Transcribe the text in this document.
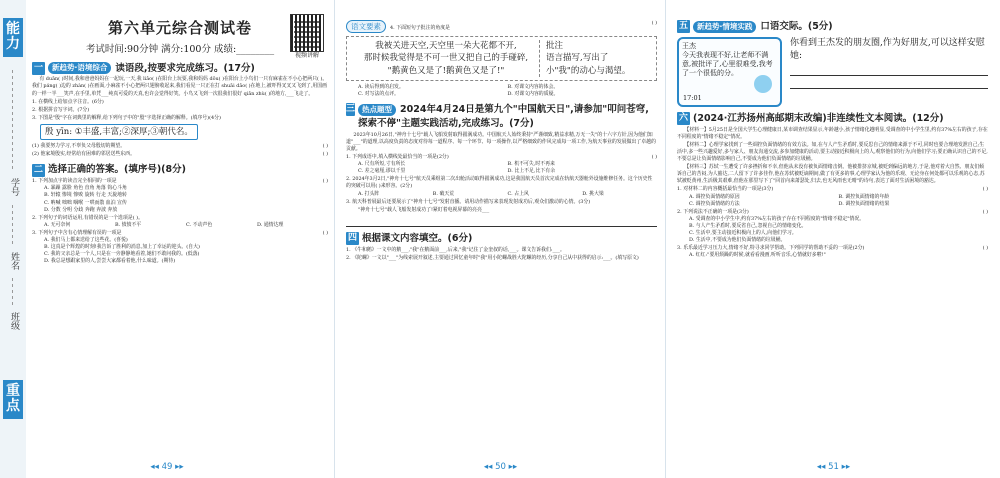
能力
学号
姓名
班级
重点
第六单元综合测试卷
考试时间:90分钟 满分:100分 成绩:________
视频讲解
一	新趋势·语境综合 读语段,按要求完成练习。(17分)
有 duān( )时间,我和爸爸妈妈在一起玩,一天,我 liǎo( )在阳台上玩耍,我和妈妈 dōu( )在阳台上小鸟们一只有麻雀在不小心把两只( )。我们 páng( )边的 zhàn( )在画面,小麻雀不小心把两只翅膀收起来,我们看见一只正在打 shuāi dǎo( )在地上,被吓得叉叉又飞到了,用国画的一样一半___笑声,在手里,单凭___纯真可爱的天真,也许会觉得好笑。小鸟又飞到一次很我们很好 qiān zhù( )的地方,___飞走了。
1. 在横线上给加点字注音。(6分)
2. 根据拼音写字词。(7分)
3. 下图是"殷"字在词典里的解释,给下列句子中的"殷"字选择正确的解释。(填序号)(4分)
殷 yīn: ①丰盛,丰富;②深厚;③朝代名。
( )
(1) 我要努力学习,不辜负父母殷切的期望。
( )
(2) 他家境殷实,经常给有困难的邻居送些东西。
二 选择正确的答案。(填序号)(8分)
( )
1. 下列加点字的读音完全相同的一项是
A. 暴躁 露脸 角色 直角 角落 钩心斗角
B. 轩辕 惨境 惨败 旋转 行走 天旋地转
C. 呐喊 咄咄 咽喉 一哄而散 血泊 宣传
D. 分数 分明 分歧 奔跑 奔波 奔放
2. 下列句子的词语运用,有错误的是一个选项是( )。
A. 无可奈何	B. 愤愤不平	C. 不动声色	D. 通情达理
( )
3. 下列句子中含有心情理解有误的一项是
A. 我们马上都来送给了这些花。(喜悦)
B. 这真是个辉煌的时刻!我告诉了胜利的消息,加上了幸运的迎头。(自大)
C. 我的父亲总是一个人,只是在一旁静静地看着,她们不敢问我的。(低落)
D. 我总是想跟家里的人,尝尝大家都看着他,什么味道。(期待)
◂◂ 49 ▸▸
( )
语文要素 4. 下面短句子批注的角度是
我被关进天空,天空里一朵大花都不开,
那时候我觉得是不可一世又把自己的手碰碎,
"鹅黄色又是了!鹅黄色又是了!"
批注
语言描写,写出了
小"我"的动心与渴望。
A. 读后得到的启发。	B. 对课文内容的体会。
C. 对写法的点评。	D. 对课文内容的质疑。
三 热点题型 2024年4月24日是第九个"中国航天日",请参加"叩问苍穹,探索不停"主题实践活动,完成练习。(7分)
2023年10月26日,"神舟十七号"载人飞船发射取得圆满成功。中国航天人始终秉持"严谨细致,精益求精,万无一失"的十六字方针,因为他们知道"___"的道理,以高度负责的态度对待每一道程序、每一个环节、每一项操作,以严格细致的作风完成每一项工作,为航天事业的发展做出了卓越的贡献。
( )
1. 下列成语中,填入横线处最恰当的一项是(2分)
A. 尺有所短,寸有所长	B. 机不可失,时不再来
C. 差之毫厘,谬以千里	D. 比上不足,比下有余
2. 2024年3月2日,"神舟十七号"航天员乘组第二次出舱活动取得圆满成功,这是我国航天员首次完成在轨航天器舱外设施维修任务。这个历史性的突破可以用( )来形容。(2分)
A. 打头阵	B. 破天荒	C. 占上风	D. 挑大梁
3. 航天科普展最后还要展示了"神舟十七号"发射直播。请用动作描写来表现发射成功后,观众们激动的心情。(3分)
"神舟十七号"载人飞船发射成功了!紧盯着电视屏幕的亮亮___
四 根据课文内容填空。(6分)
1. 《牛和鹅》一文中的鹅___,"我"在鹅面前___,后来,"我"记住了金奎叔的话,___。课文告诉我们:___。
2. 《陀螺》一文以"___"为线索展开叙述,主要通过回忆童年时"我"用小陀螺战胜大陀螺的经历,分享自己从中获得的启示:___。(填写原文)
◂◂ 50 ▸▸
五	新趋势·情境实践 口语交际。(5分)
王杰
今天我表现不好,让老师不满意,被批评了,心里很难受,我考了一个很低的分。
17:01
你看到王杰发的朋友圈,作为好朋友,可以这样安慰她:
六 (2024·江苏扬州高邮期末改编)非连续性文本阅读。(12分)
【材料一】5月25日是全国大学生心理健康日,某市调查结果显示,年龄越小,孩子情绪化越明显,受调查的中小学生里,约有37%左右的孩子,存在不同程度的"情绪不稳定"情况。
【材料二】心理学家找到了一些调控负面情绪的有效方法。如,在与人产生矛盾时,要反思自己的情绪来源于不可,同时也要合理地发泄自己;生活中,多一些兴趣爱好,多与家人、朋友沟通交流,多参加健康的活动,要主动接近积极向上的人,观察他们的行为,向他们学习;要正确认识自己的不足,不要总是让负面情绪影响自己,不要成为他们负面情绪的垃圾桶。
【材料三】苏轼一生遭受了许多挫折和不幸,但他从未没有被负面情绪击倒。他被排挤京城,被贬到偏远的地方,于是,他对着大自然、朋友们倾诉自己的苦闷,为人豁达,二人留下了许多佳作,他在苏轼被贬谪期间,做了有更多的事,心理学家认为他的乐观、无论身在何处都可以乐观的心态,苏轼被贬黄州,生活极其艰难,但他在那里写下了"回首向来萧瑟处,归去,也无风雨也无晴"的诗句,表达了面对生活困境的豁达。
( )
1. 对材料二的内容概括最恰当的一项是(3分)
A. 调控负面情绪的原因	B. 调控负面情绪的年龄
C. 调控负面情绪的方法	D. 调控负面情绪的结果
( )
2. 下列说法不正确的一项是(3分)
A. 受调查的中小学生中,约有37%左右的孩子存在不同程度的"情绪不稳定"情况。
B. 与人产生矛盾时,要反省自己,忽视自己的情绪变化。
C. 生活中,要主动接近积极向上的人,向他们学习。
D. 生活中,不要成为他们负面情绪的垃圾桶。
( )
3. 乐乐最近学习压力大,情绪不好,特寻求同学帮助。下列同学的帮助不妥的一项是(2分)
A. 红红:"要用烦躁的时候,就看看漫画,听听音乐,心情就好多啦!"
◂◂ 51 ▸▸
